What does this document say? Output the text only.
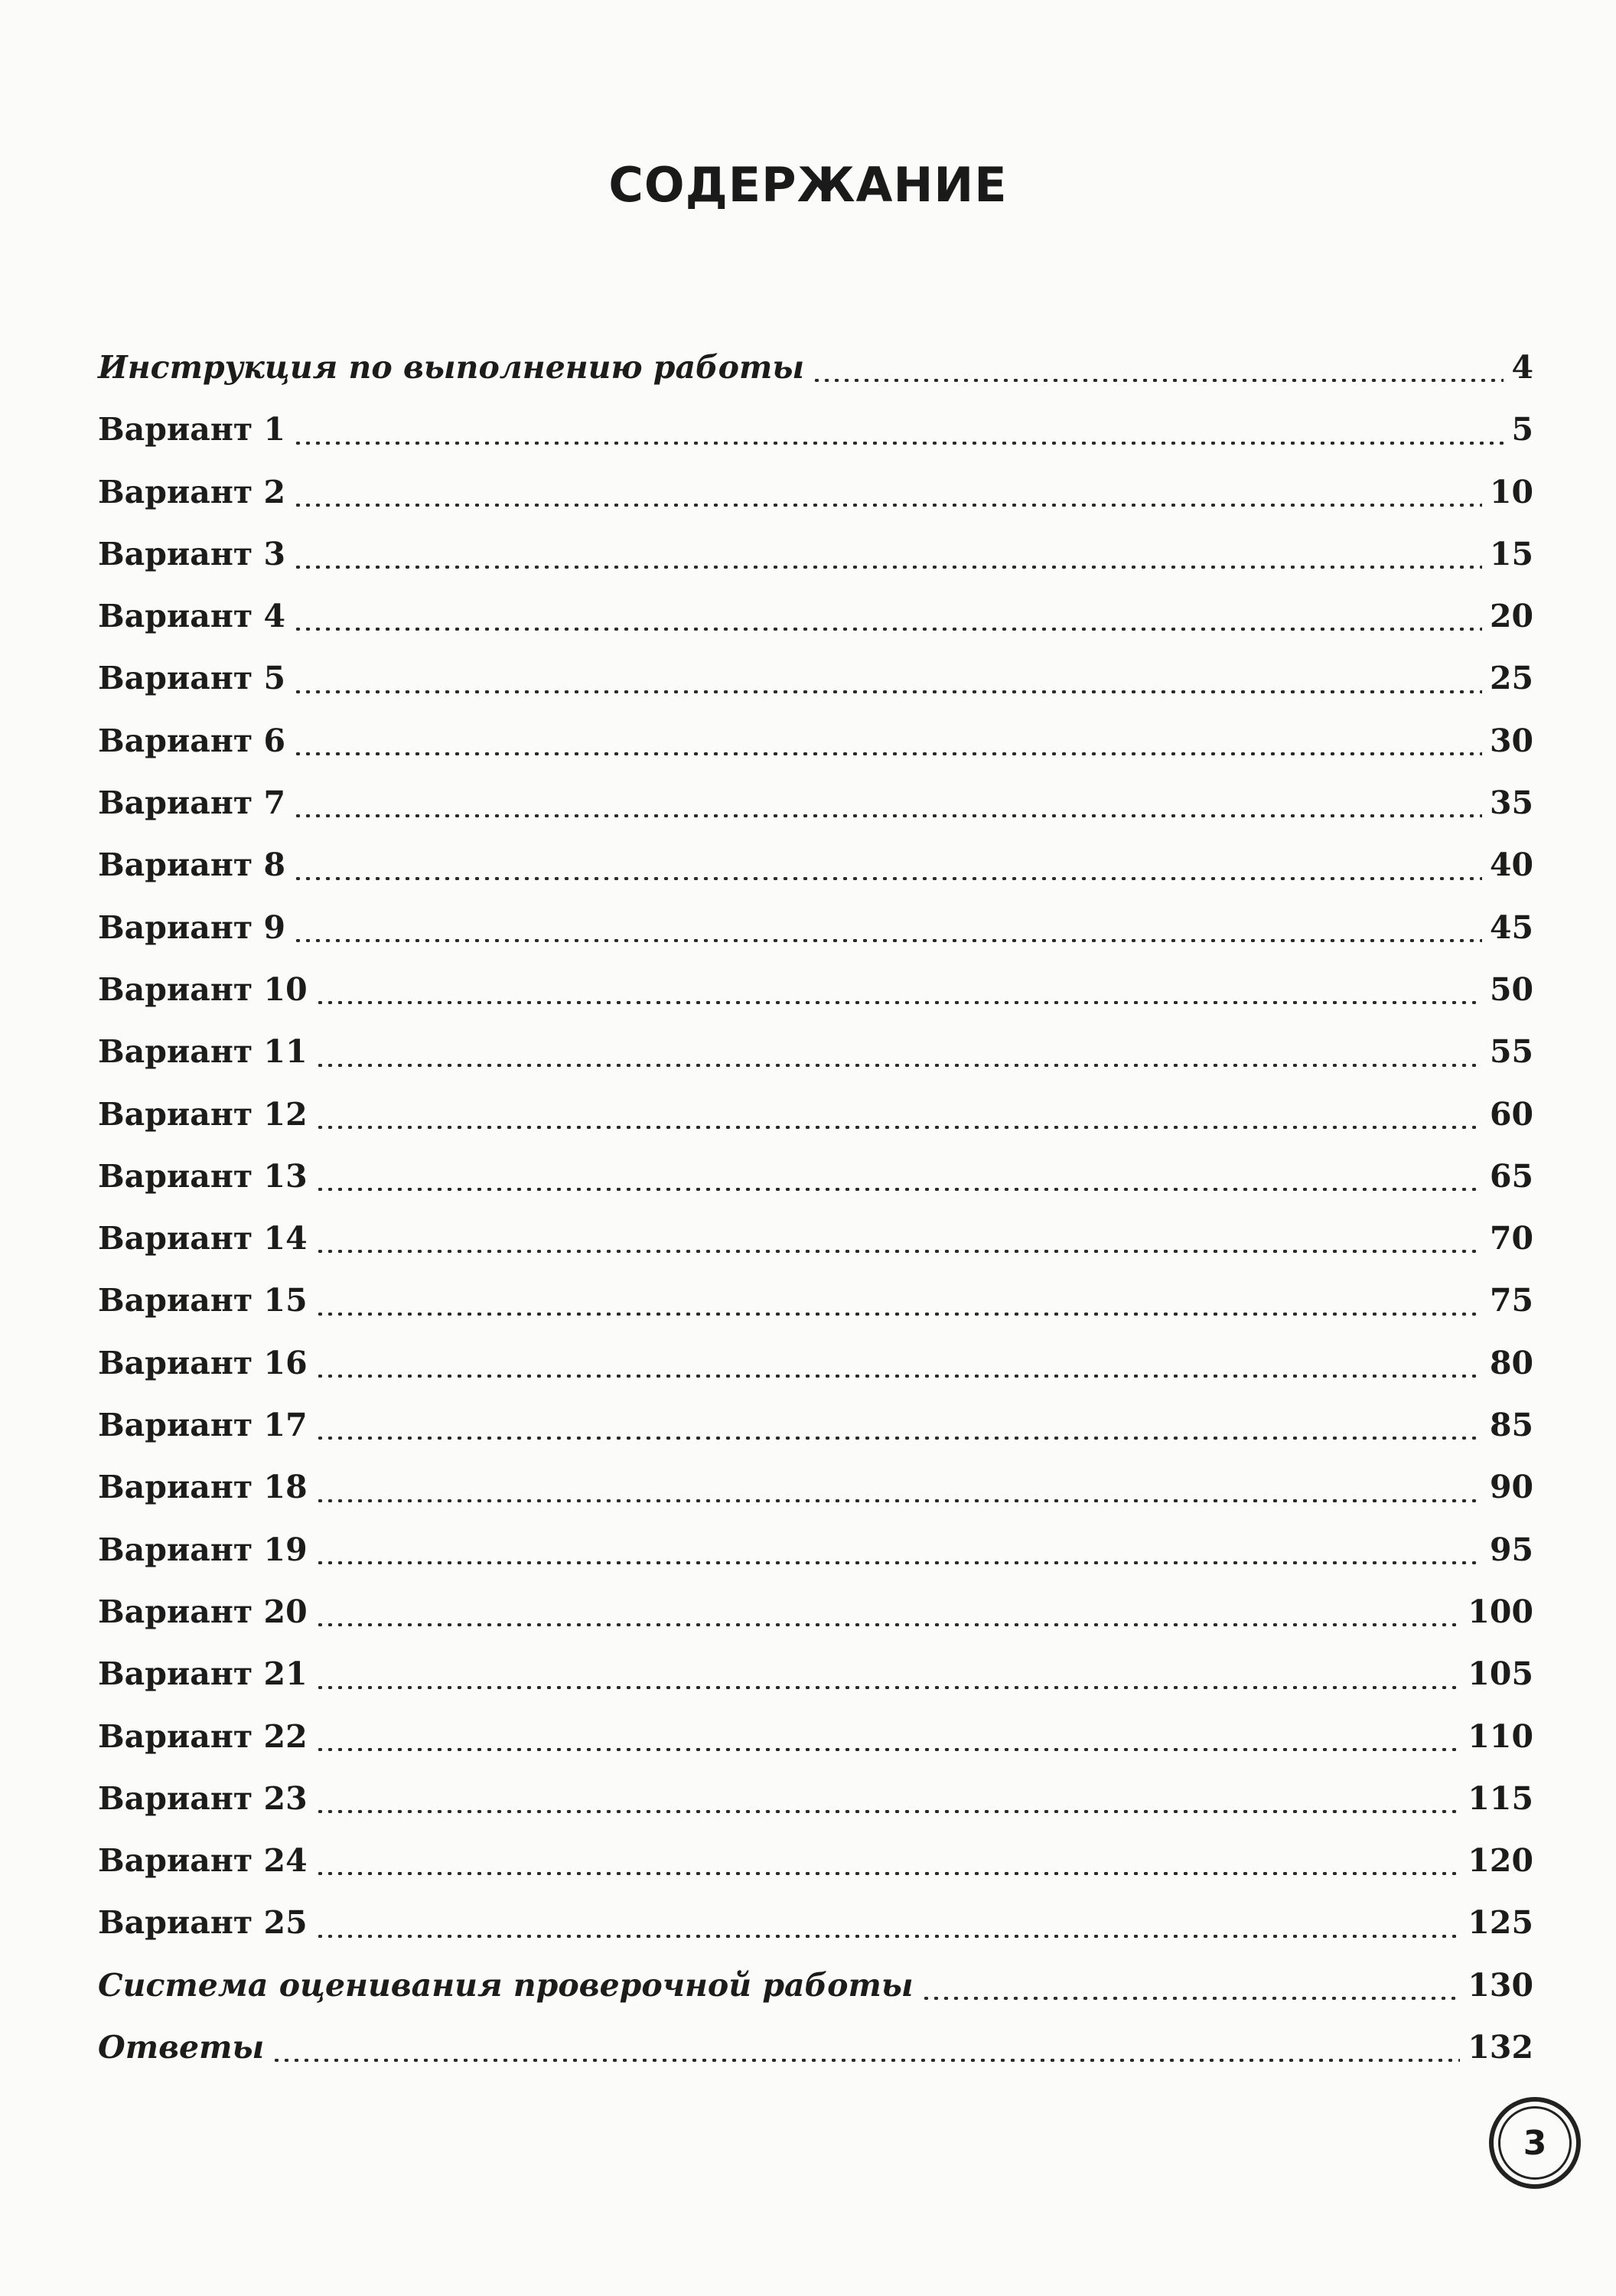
СОДЕРЖАНИЕ
Инструкция по выполнению работы	4
Вариант 1	5
Вариант 2	10
Вариант 3	15
Вариант 4	20
Вариант 5	25
Вариант 6	30
Вариант 7	35
Вариант 8	40
Вариант 9	45
Вариант 10	50
Вариант 11	55
Вариант 12	60
Вариант 13	65
Вариант 14	70
Вариант 15	75
Вариант 16	80
Вариант 17	85
Вариант 18	90
Вариант 19	95
Вариант 20	100
Вариант 21	105
Вариант 22	110
Вариант 23	115
Вариант 24	120
Вариант 25	125
Система оценивания проверочной работы	130
Ответы	132
3
